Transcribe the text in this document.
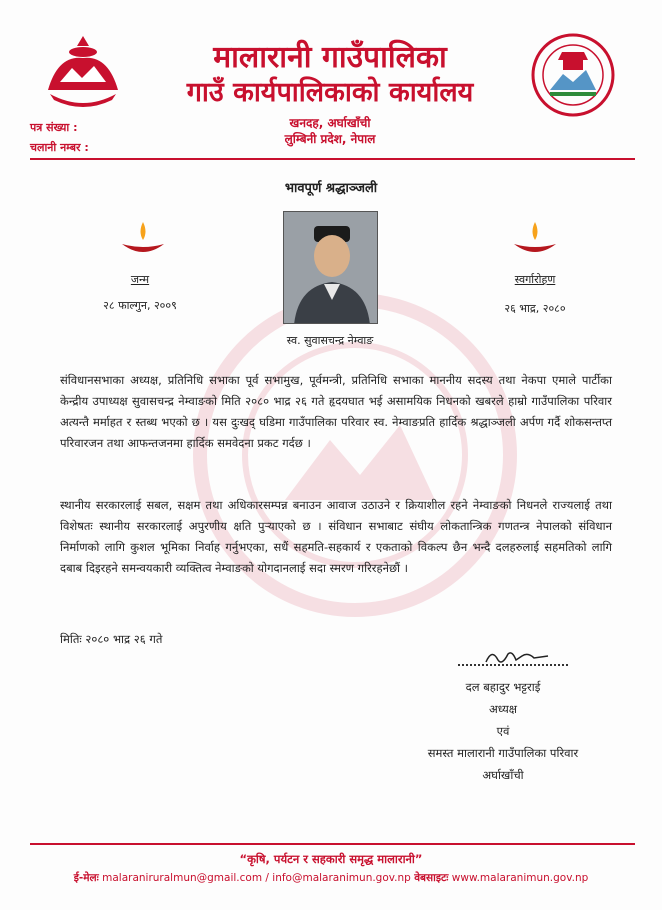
मालारानी गाउँपालिका
गाउँ कार्यपालिकाको कार्यालय
खनदह, अर्घाखाँची
लुम्बिनी प्रदेश, नेपाल
पत्र संख्या :
चलानी नम्बर :
भावपूर्ण श्रद्धाञ्जली
जन्म
२८ फाल्गुन, २००९
स्वर्गारोहण
२६ भाद्र, २०८०
स्व. सुवासचन्द्र नेम्वाङ

संविधानसभाका अध्यक्ष, प्रतिनिधि सभाका पूर्व सभामुख, पूर्वमन्त्री, प्रतिनिधि सभाका माननीय सदस्य तथा नेकपा एमाले पार्टीका केन्द्रीय उपाध्यक्ष सुवासचन्द्र नेम्वाङको मिति २०८० भाद्र २६ गते हृदयघात भई असामयिक निधनको खबरले हाम्रो गाउँपालिका परिवार अत्यन्तै मर्माहत र स्तब्ध भएको छ । यस दुःखद् घडिमा गाउँपालिका परिवार स्व. नेम्वाङप्रति हार्दिक श्रद्धाञ्जली अर्पण गर्दै शोकसन्तप्त परिवारजन तथा आफन्तजनमा हार्दिक समवेदना प्रकट गर्दछ ।

स्थानीय सरकारलाई सबल, सक्षम तथा अधिकारसम्पन्न बनाउन आवाज उठाउने र क्रियाशील रहने नेम्वाङको निधनले राज्यलाई तथा विशेषतः स्थानीय सरकारलाई अपुरणीय क्षति पुऱ्याएको छ । संविधान सभाबाट संघीय लोकतान्त्रिक गणतन्त्र नेपालको संविधान निर्माणको लागि कुशल भूमिका निर्वाह गर्नुभएका, सधैं सहमति-सहकार्य र एकताको विकल्प छैन भन्दै दलहरुलाई सहमतिको लागि दबाब दिइरहने समन्वयकारी व्यक्तित्व नेम्वाङको योगदानलाई सदा स्मरण गरिरहनेछौं ।

मितिः २०८० भाद्र २६ गते
दल बहादुर भट्टराई
अध्यक्ष
एवं
समस्त मालारानी गाउँपालिका परिवार
अर्घाखाँची
“कृषि, पर्यटन र सहकारी समृद्ध मालारानी”
ई-मेलः malaraniruralmun@gmail.com / info@malaranimun.gov.np वेबसाइटः www.malaranimun.gov.np
